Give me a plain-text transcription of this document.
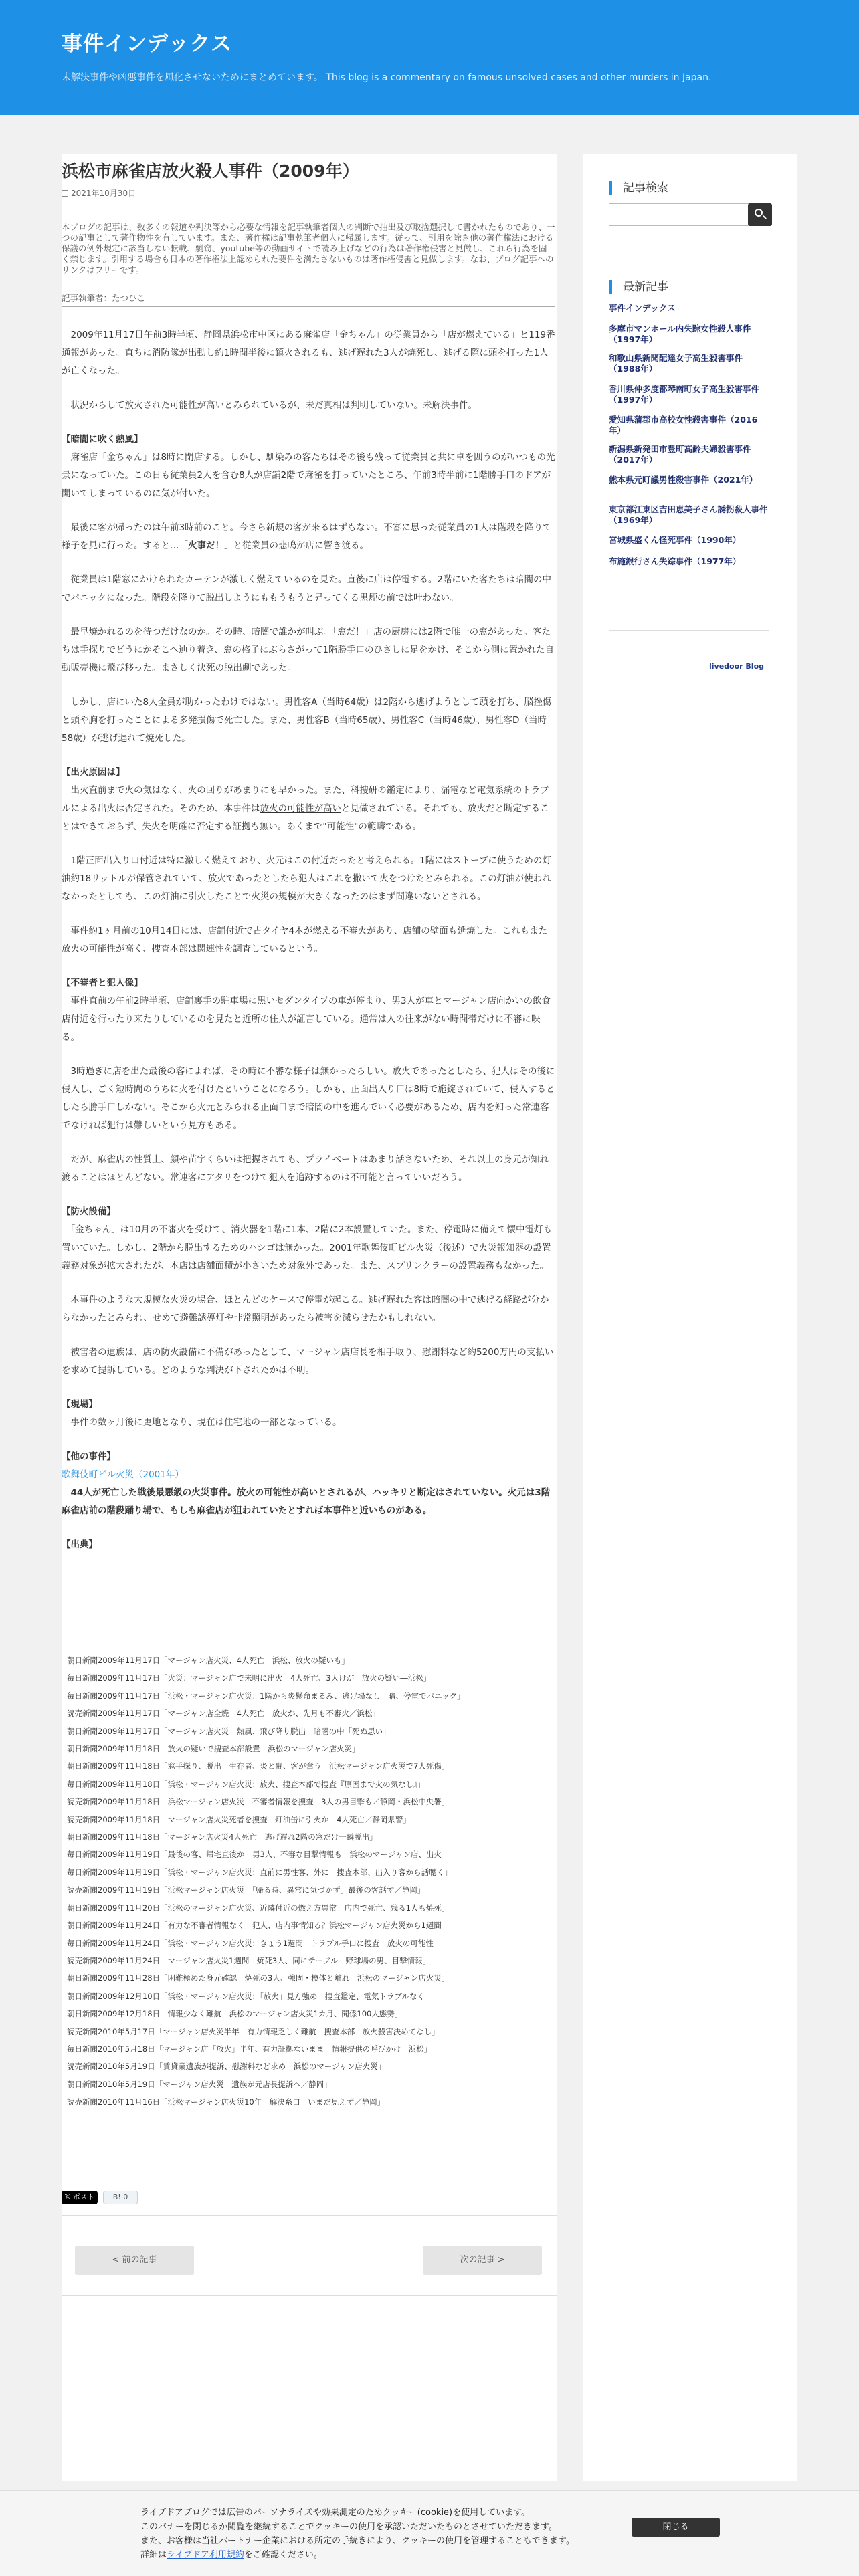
事件インデックス

未解決事件や凶悪事件を風化させないためにまとめています。 This blog is a commentary on famous unsolved cases and other murders in Japan.

浜松市麻雀店放火殺人事件（2009年）
2021年10月30日
本ブログの記事は、数多くの報道や判決等から必要な情報を記事執筆者個人の判断で抽出及び取捨選択して書かれたものであり、一つの記事として著作物性を有しています。また、著作権は記事執筆者個人に帰属します。従って、引用を除き他の著作権法における保護の例外規定に該当しない転載、剽窃、youtube等の動画サイトで読み上げなどの行為は著作権侵害と見做し、これら行為を固く禁じます。引用する場合も日本の著作権法上認められた要件を満たさないものは著作権侵害と見做します。なお、ブログ記事へのリンクはフリーです。
記事執筆者：たつひこ

　2009年11月17日午前3時半頃、静岡県浜松市中区にある麻雀店「金ちゃん」の従業員から「店が燃えている」と119番通報があった。直ちに消防隊が出動し約1時間半後に鎮火されるも、逃げ遅れた3人が焼死し、逃げる際に頭を打った1人が亡くなった。

　状況からして放火された可能性が高いとみられているが、未だ真相は判明していない。未解決事件。

【暗闇に吹く熱風】

　麻雀店「金ちゃん」は8時に閉店する。しかし、馴染みの客たちはその後も残って従業員と共に卓を囲うのがいつもの光景になっていた。この日も従業員2人を含む8人が店舗2階で麻雀を打っていたところ、午前3時半前に1階勝手口のドアが開いてしまっているのに気が付いた。

　最後に客が帰ったのは午前3時前のこと。今さら新規の客が来るはずもない。不審に思った従業員の1人は階段を降りて様子を見に行った。すると…「火事だ！」と従業員の悲鳴が店に響き渡る。

　従業員は1階窓にかけられたカーテンが激しく燃えているのを見た。直後に店は停電する。2階にいた客たちは暗闇の中でパニックになった。階段を降りて脱出しようにももうもうと昇ってくる黒煙の前では叶わない。

　最早焼かれるのを待つだけなのか。その時、暗闇で誰かが叫ぶ。「窓だ！」店の厨房には2階で唯一の窓があった。客たちは手探りでどうにかそこへ辿り着き、窓の格子にぶらさがって1階勝手口のひさしに足をかけ、そこから側に置かれた自動販売機に飛び移った。まさしく決死の脱出劇であった。

　しかし、店にいた8人全員が助かったわけではない。男性客A（当時64歳）は2階から逃げようとして頭を打ち、脳挫傷と頭や胸を打ったことによる多発損傷で死亡した。また、男性客B（当時65歳）、男性客C（当時46歳）、男性客D（当時58歳）が逃げ遅れて焼死した。

【出火原因は】

　出火直前まで火の気はなく、火の回りがあまりにも早かった。また、科捜研の鑑定により、漏電など電気系統のトラブルによる出火は否定された。そのため、本事件は放火の可能性が高いと見做されている。それでも、放火だと断定することはできておらず、失火を明確に否定する証拠も無い。あくまで"可能性"の範疇である。

　1階正面出入り口付近は特に激しく燃えており、火元はこの付近だったと考えられる。1階にはストーブに使うための灯油約18リットルが保管されていて、放火であったとしたら犯人はこれを撒いて火をつけたとみられる。この灯油が使われなかったとしても、この灯油に引火したことで火災の規模が大きくなったのはまず間違いないとされる。

　事件約1ヶ月前の10月14日には、店舗付近で古タイヤ4本が燃える不審火があり、店舗の壁面も延焼した。これもまた放火の可能性が高く、捜査本部は関連性を調査しているという。

【不審者と犯人像】

　事件直前の午前2時半頃、店舗裏手の駐車場に黒いセダンタイプの車が停まり、男3人が車とマージャン店向かいの飲食店付近を行ったり来たりしているのを見たと近所の住人が証言している。通常は人の往来がない時間帯だけに不審に映る。

　3時過ぎに店を出た最後の客によれば、その時に不審な様子は無かったらしい。放火であったとしたら、犯人はその後に侵入し、ごく短時間のうちに火を付けたということになろう。しかも、正面出入り口は8時で施錠されていて、侵入するとしたら勝手口しかない。そこから火元とみられる正面口まで暗闇の中を進んでいく必要があるため、店内を知った常連客でなければ犯行は難しいという見方もある。

　だが、麻雀店の性質上、顔や苗字くらいは把握されても、プライベートはあまり話さないため、それ以上の身元が知れ渡ることはほとんどない。常連客にアタリをつけて犯人を追跡するのは不可能と言っていいだろう。

【防火設備】

　「金ちゃん」は10月の不審火を受けて、消火器を1階に1本、2階に2本設置していた。また、停電時に備えて懐中電灯も置いていた。しかし、2階から脱出するためのハシゴは無かった。2001年歌舞伎町ビル火災（後述）で火災報知器の設置義務対象が拡大されたが、本店は店舗面積が小さいため対象外であった。また、スプリンクラーの設置義務もなかった。

　本事件のような大規模な火災の場合、ほとんどのケースで停電が起こる。逃げ遅れた客は暗闇の中で逃げる経路が分からなかったとみられ、せめて避難誘導灯や非常照明があったら被害を減らせたかもしれない。

　被害者の遺族は、店の防火設備に不備があったとして、マージャン店店長を相手取り、慰謝料など約5200万円の支払いを求めて提訴している。どのような判決が下されたかは不明。

【現場】

　事件の数ヶ月後に更地となり、現在は住宅地の一部となっている。

【他の事件】
歌舞伎町ビル火災（2001年）

　44人が死亡した戦後最悪級の火災事件。放火の可能性が高いとされるが、ハッキリと断定はされていない。火元は3階麻雀店前の階段踊り場で、もしも麻雀店が狙われていたとすれば本事件と近いものがある。

【出典】
朝日新聞2009年11月17日「マージャン店火災、4人死亡　浜松、放火の疑いも」
毎日新聞2009年11月17日「火災：マージャン店で未明に出火　4人死亡、3人けが　放火の疑い―浜松」
毎日新聞2009年11月17日「浜松・マージャン店火災：1階から炎懸命まるみ、逃げ場なし　暗、停電でパニック」
読売新聞2009年11月17日「マージャン店全焼　4人死亡　放火か、先月も不審火／浜松」
朝日新聞2009年11月17日「マージャン店火災　熱風、飛び降り脱出　暗闇の中「死ぬ思い」」
朝日新聞2009年11月18日「放火の疑いで捜査本部設置　浜松のマージャン店火災」
朝日新聞2009年11月18日「窓手探り、脱出　生存者、炎と闘、客が奮う　浜松マージャン店火災で7人死傷」
毎日新聞2009年11月18日「浜松・マージャン店火災：放火、捜査本部で捜査『原因まで火の気なし』」
読売新聞2009年11月18日「浜松マージャン店火災　不審者情報を捜査　3人の男目撃も／静岡・浜松中央署」
読売新聞2009年11月18日「マージャン店火災死者を捜査　灯油缶に引火か　4人死亡／静岡県警」
朝日新聞2009年11月18日「マージャン店火災4人死亡　逃げ遅れ2階の窓だけ一瞬脱出」
毎日新聞2009年11月19日「最後の客、帰宅直後か　男3人、不審な目撃情報も　浜松のマージャン店、出火」
毎日新聞2009年11月19日「浜松・マージャン店火災：直前に男性客、外に　捜査本部、出入り客から話聴く」
読売新聞2009年11月19日「浜松マージャン店火災　「帰る時、異常に気づかず」最後の客話す／静岡」
朝日新聞2009年11月20日「浜松のマージャン店火災、近隣付近の燃え方異常　店内で死亡、残る1人も焼死」
朝日新聞2009年11月24日「有力な不審者情報なく　犯人、店内事情知る？浜松マージャン店火災から1週間」
毎日新聞2009年11月24日「浜松・マージャン店火災：きょう1週間　トラブル手口に捜査　放火の可能性」
読売新聞2009年11月24日「マージャン店火災1週間　焼死3人、同にテーブル　野球場の男、目撃情報」
朝日新聞2009年11月28日「困難極めた身元確認　焼死の3人、強固・検体と離れ　浜松のマージャン店火災」
朝日新聞2009年12月10日「浜松・マージャン店火災：「放火」見方強め　捜査鑑定、電気トラブルなく」
朝日新聞2009年12月18日「情報少なく難航　浜松のマージャン店火災1カ月、聞係100人態勢」
読売新聞2010年5月17日「マージャン店火災半年　有力情報乏しく難航　捜査本部　放火殺害決めてなし」
毎日新聞2010年5月18日「マージャン店「放火」半年、有力証拠ないまま　情報提供の呼びかけ　浜松」
読売新聞2010年5月19日「賃貸業遺族が提訴、慰謝料など求め　浜松のマージャン店火災」
朝日新聞2010年5月19日「マージャン店火災　遺族が元店長提訴へ／静岡」
読売新聞2010年11月16日「浜松マージャン店火災10年　解決糸口　いまだ見えず／静岡」
𝕏 ポスト B! 0
< 前の記事	次の記事 >
記事検索
最新記事
事件インデックス
多摩市マンホール内失踪女性殺人事件（1997年）
和歌山県新聞配達女子高生殺害事件（1988年）
香川県仲多度郡琴南町女子高生殺害事件（1997年）
愛知県蒲郡市高校女性殺害事件（2016年）
新潟県新発田市豊町高齢夫婦殺害事件（2017年）
熊本県元町議男性殺害事件（2021年）
東京都江東区吉田恵美子さん誘拐殺人事件（1969年）
宮城県盛くん怪死事件（1990年）
布施銀行さん失踪事件（1977年）
livedoor Blog
ライブドアブログでは広告のパーソナライズや効果測定のためクッキー(cookie)を使用しています。
このバナーを閉じるか閲覧を継続することでクッキーの使用を承認いただいたものとさせていただきます。
また、お客様は当社パートナー企業における所定の手続きにより、クッキーの使用を管理することもできます。
詳細はライブドア利用規約をご確認ください。
閉じる
